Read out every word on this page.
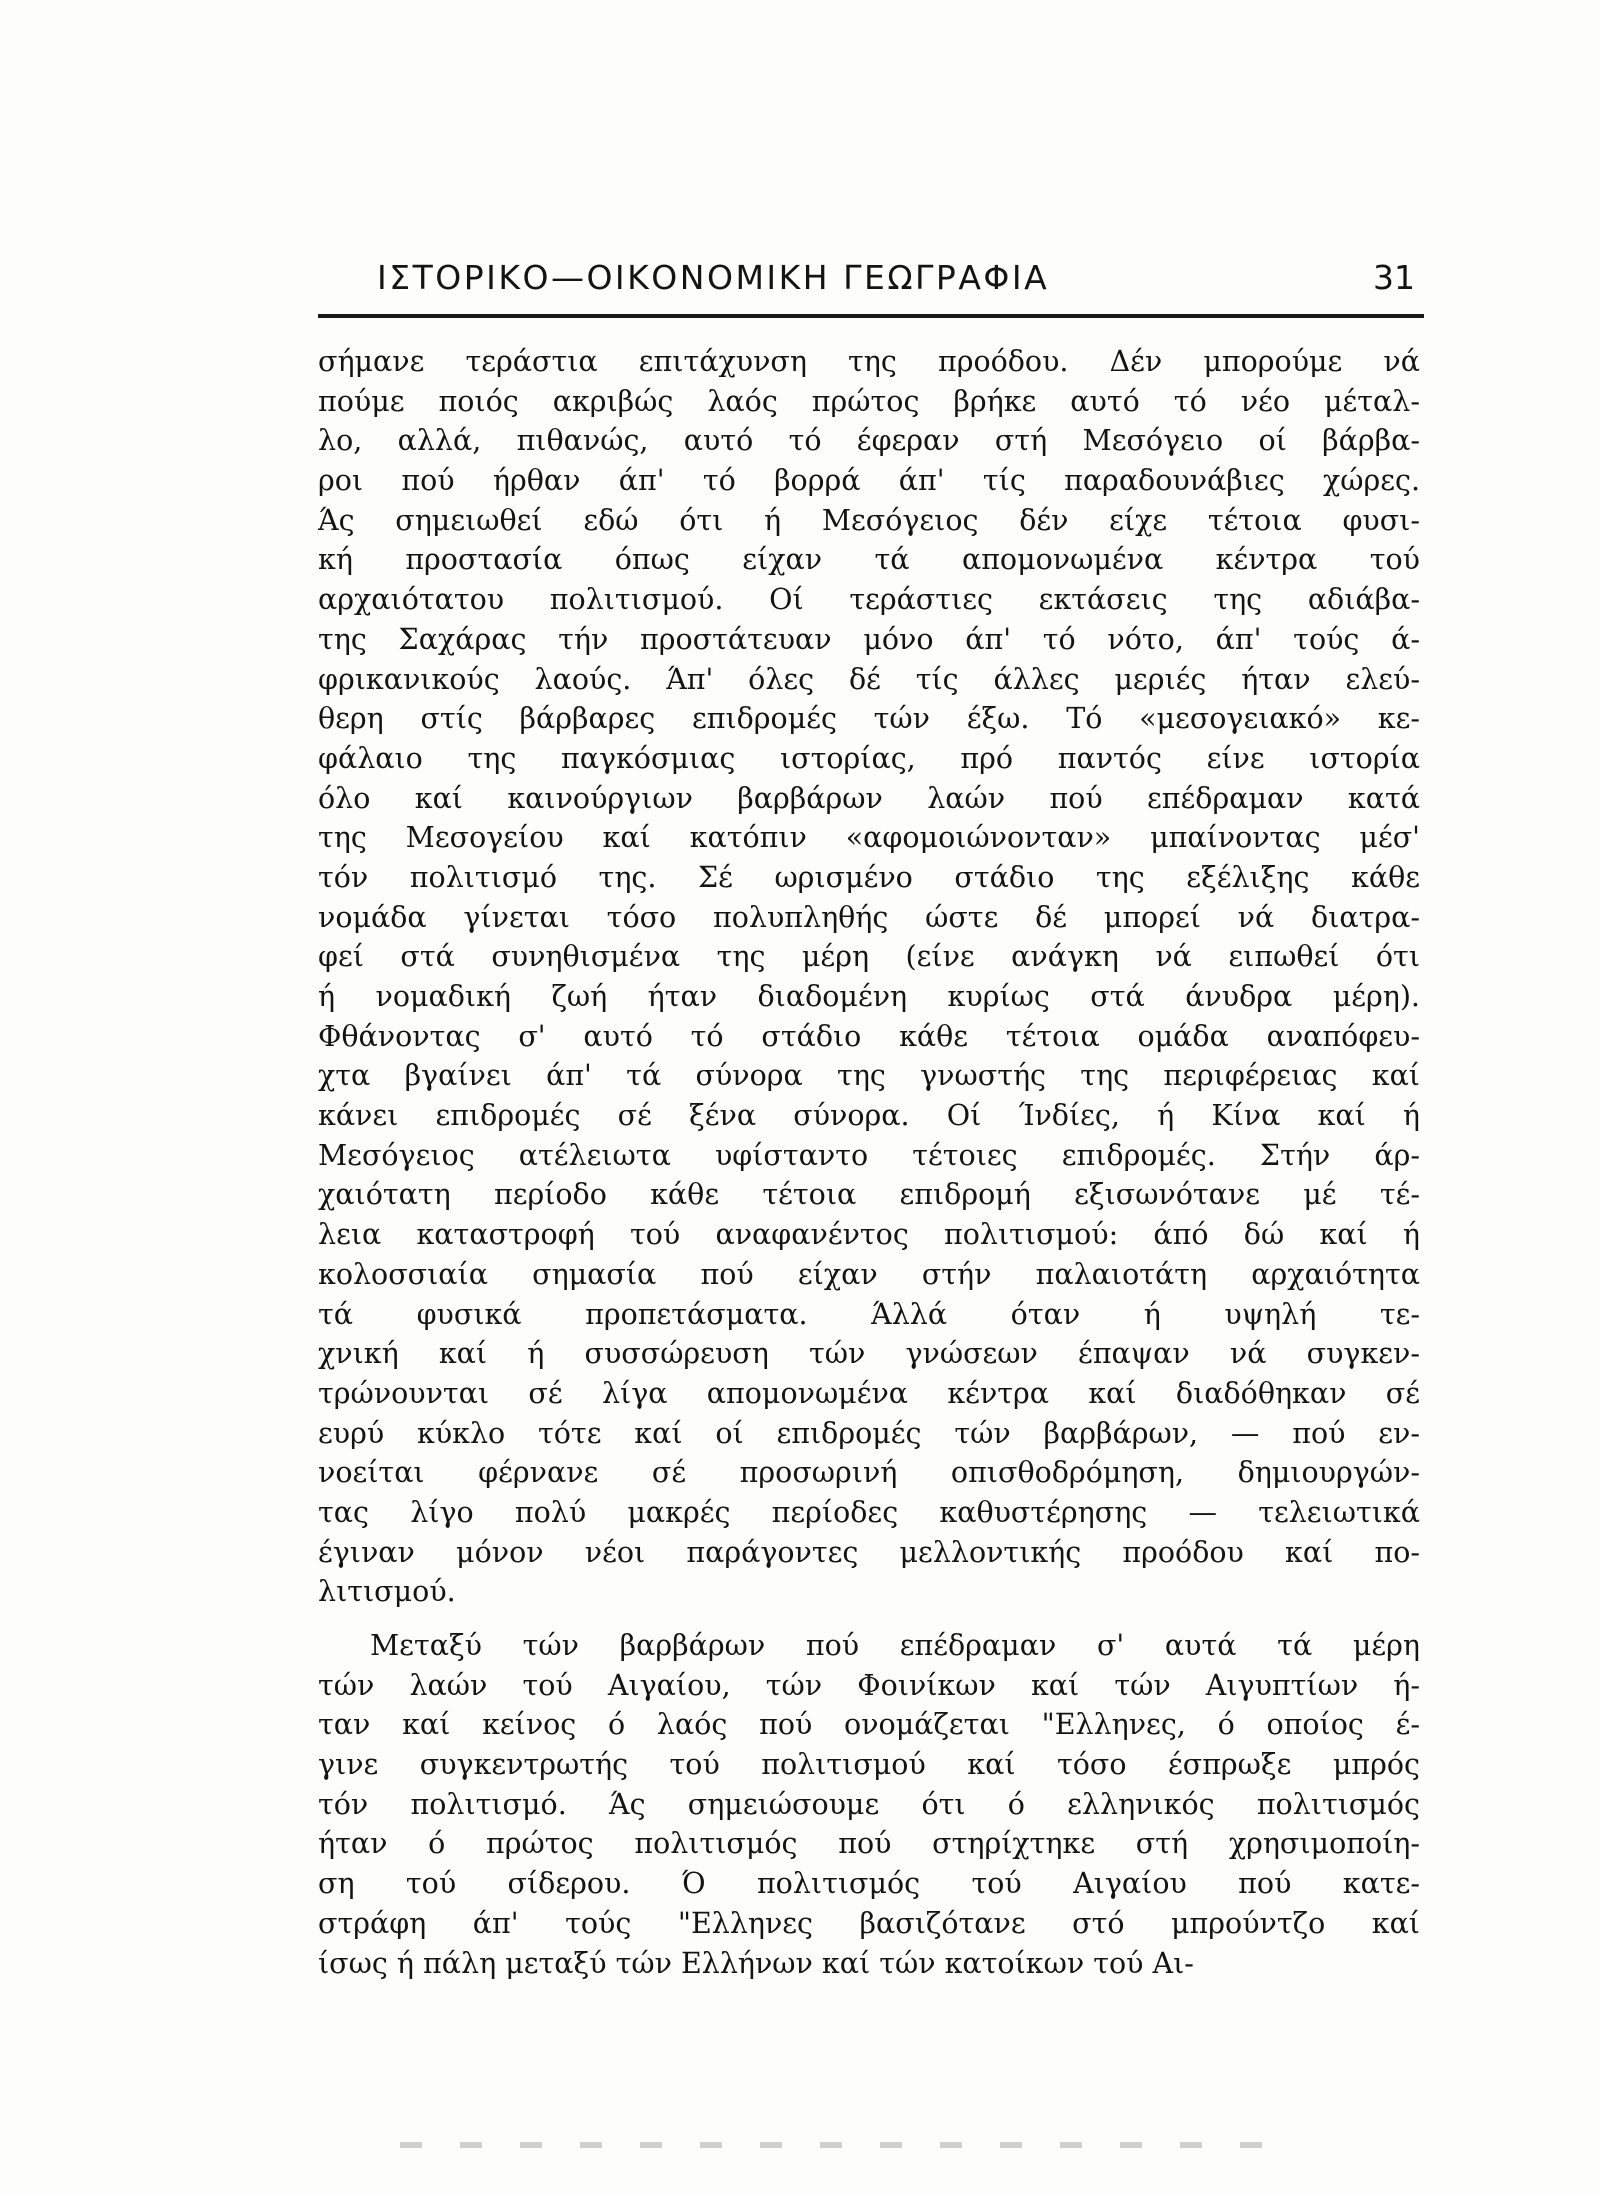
ΙΣΤΟΡΙΚΟ—ΟΙΚΟΝΟΜΙΚΗ ΓΕΩΓΡΑΦΙΑ	31
σήμανε τεράστια επιτάχυνση της προόδου. Δέν μπορούμε νά
πούμε ποιός ακριβώς λαός πρώτος βρήκε αυτό τό νέο μέταλ-
λο, αλλά, πιθανώς, αυτό τό έφεραν στή Μεσόγειο οί βάρβα-
ροι πού ήρθαν άπ' τό βορρά άπ' τίς παραδουνάβιες χώρες.
Άς σημειωθεί εδώ ότι ή Μεσόγειος δέν είχε τέτοια φυσι-
κή προστασία όπως είχαν τά απομονωμένα κέντρα τού
αρχαιότατου πολιτισμού. Οί τεράστιες εκτάσεις της αδιάβα-
της Σαχάρας τήν προστάτευαν μόνο άπ' τό νότο, άπ' τούς ά-
φρικανικούς λαούς. Άπ' όλες δέ τίς άλλες μεριές ήταν ελεύ-
θερη στίς βάρβαρες επιδρομές τών έξω. Τό «μεσογειακό» κε-
φάλαιο της παγκόσμιας ιστορίας, πρό παντός είνε ιστορία
όλο καί καινούργιων βαρβάρων λαών πού επέδραμαν κατά
της Μεσογείου καί κατόπιν «αφομοιώνονταν» μπαίνοντας μέσ'
τόν πολιτισμό της. Σέ ωρισμένο στάδιο της εξέλιξης κάθε
νομάδα γίνεται τόσο πολυπληθής ώστε δέ μπορεί νά διατρα-
φεί στά συνηθισμένα της μέρη (είνε ανάγκη νά ειπωθεί ότι
ή νομαδική ζωή ήταν διαδομένη κυρίως στά άνυδρα μέρη).
Φθάνοντας σ' αυτό τό στάδιο κάθε τέτοια ομάδα αναπόφευ-
χτα βγαίνει άπ' τά σύνορα της γνωστής της περιφέρειας καί
κάνει επιδρομές σέ ξένα σύνορα. Οί Ίνδίες, ή Κίνα καί ή
Μεσόγειος ατέλειωτα υφίσταντο τέτοιες επιδρομές. Στήν άρ-
χαιότατη περίοδο κάθε τέτοια επιδρομή εξισωνότανε μέ τέ-
λεια καταστροφή τού αναφανέντος πολιτισμού: άπό δώ καί ή
κολοσσιαία σημασία πού είχαν στήν παλαιοτάτη αρχαιότητα
τά φυσικά προπετάσματα. Άλλά όταν ή υψηλή τε-
χνική καί ή συσσώρευση τών γνώσεων έπαψαν νά συγκεν-
τρώνουνται σέ λίγα απομονωμένα κέντρα καί διαδόθηκαν σέ
ευρύ κύκλο τότε καί οί επιδρομές τών βαρβάρων, — πού εν-
νοείται φέρνανε σέ προσωρινή οπισθοδρόμηση, δημιουργών-
τας λίγο πολύ μακρές περίοδες καθυστέρησης — τελειωτικά
έγιναν μόνον νέοι παράγοντες μελλοντικής προόδου καί πο-
λιτισμού.
Μεταξύ τών βαρβάρων πού επέδραμαν σ' αυτά τά μέρη
τών λαών τού Αιγαίου, τών Φοινίκων καί τών Αιγυπτίων ή-
ταν καί κείνος ό λαός πού ονομάζεται "Ελληνες, ό οποίος έ-
γινε συγκεντρωτής τού πολιτισμού καί τόσο έσπρωξε μπρός
τόν πολιτισμό. Άς σημειώσουμε ότι ό ελληνικός πολιτισμός
ήταν ό πρώτος πολιτισμός πού στηρίχτηκε στή χρησιμοποίη-
ση τού σίδερου. Ό πολιτισμός τού Αιγαίου πού κατε-
στράφη άπ' τούς "Ελληνες βασιζότανε στό μπρούντζο καί
ίσως ή πάλη μεταξύ τών Ελλήνων καί τών κατοίκων τού Αι-
